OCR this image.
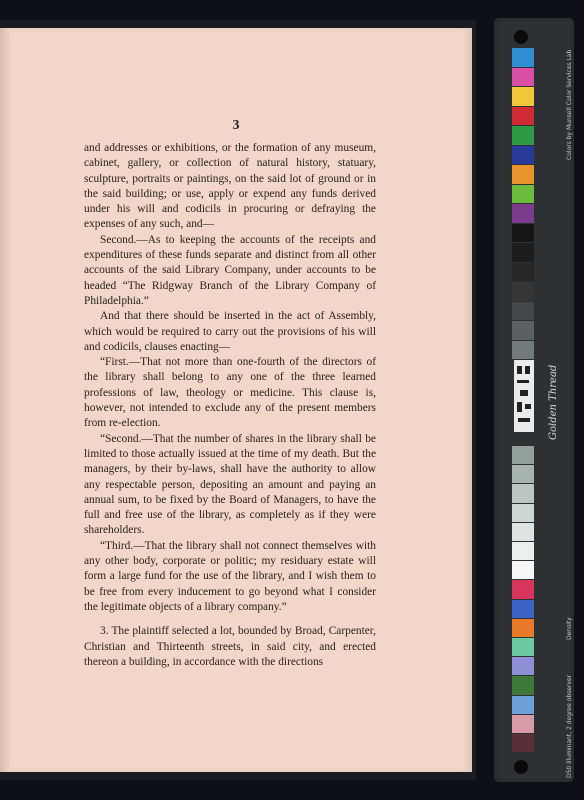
3

and addresses or exhibitions, or the formation of any museum, cabinet, gallery, or collection of natural history, statuary, sculpture, portraits or paintings, on the said lot of ground or in the said building; or use, apply or expend any funds derived under his will and codicils in procuring or defraying the expenses of any such, and—

Second.—As to keeping the accounts of the receipts and expenditures of these funds separate and distinct from all other accounts of the said Library Company, under accounts to be headed “The Ridgway Branch of the Library Company of Philadelphia.”

And that there should be inserted in the act of Assembly, which would be required to carry out the provisions of his will and codicils, clauses enacting—

“First.—That not more than one-fourth of the directors of the library shall belong to any one of the three learned professions of law, theology or medicine. This clause is, however, not intended to exclude any of the present members from re-election.

“Second.—That the number of shares in the library shall be limited to those actually issued at the time of my death. But the managers, by their by-laws, shall have the authority to allow any respectable person, depositing an amount and paying an annual sum, to be fixed by the Board of Managers, to have the full and free use of the library, as completely as if they were shareholders.

“Third.—That the library shall not connect themselves with any other body, corporate or politic; my residuary estate will form a large fund for the use of the library, and I wish them to be free from every inducement to go beyond what I consider the legitimate objects of a library company.”

3. The plaintiff selected a lot, bounded by Broad, Carpenter, Christian and Thirteenth streets, in said city, and erected thereon a building, in accordance with the directions

Golden Thread
Colors by Munsell Color Services Lab
D50 Illuminant, 2 degree observer
Density
